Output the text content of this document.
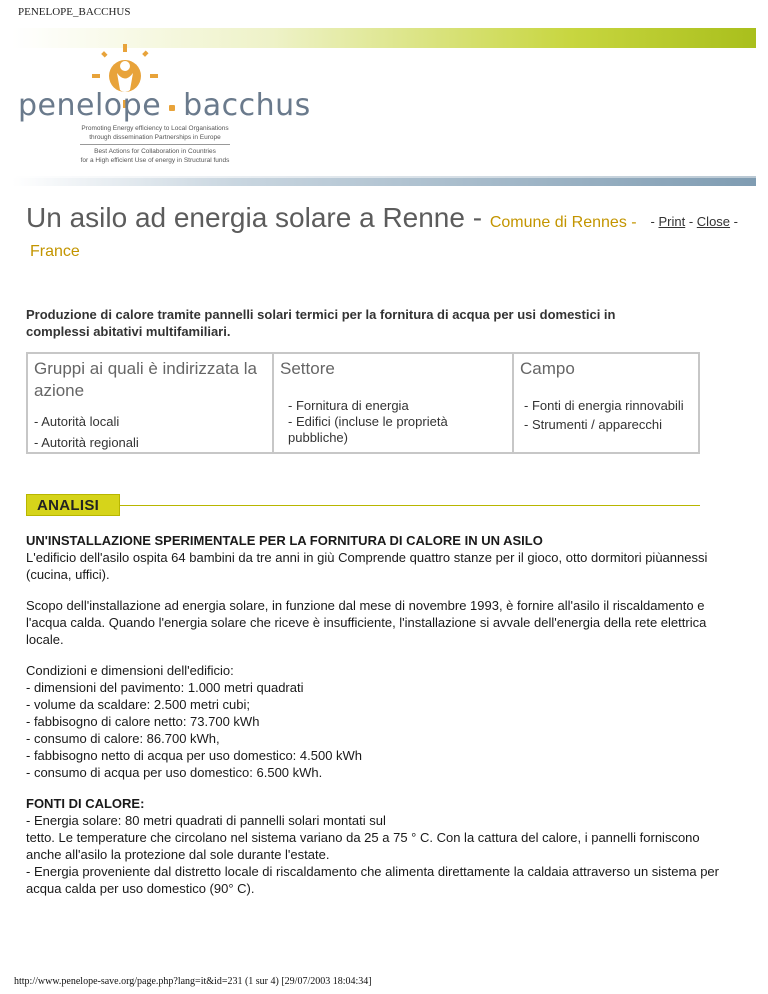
PENELOPE_BACCHUS
penelope bacchus
Promoting Energy efficiency to Local Organisations
through dissemination Partnerships in Europe
Best Actions for Collaboration in Countries
for a High efficient Use of energy in Structural funds
- Print - Close -
Un asilo ad energia solare a Renne - Comune di Rennes -
France
Produzione di calore tramite pannelli solari termici per la fornitura di acqua per usi domestici in complessi abitativi multifamiliari.
Gruppi ai quali è indirizzata la azione
- Autorità locali
- Autorità regionali
Settore
- Fornitura di energia
- Edifici (incluse le proprietà pubbliche)
Campo
- Fonti di energia rinnovabili
- Strumenti / apparecchi
ANALISI
UN'INSTALLAZIONE SPERIMENTALE PER LA FORNITURA DI CALORE IN UN ASILO

L'edificio dell'asilo ospita 64 bambini da tre anni in giù Comprende quattro stanze per il gioco, otto dormitori piùannessi (cucina, uffici).

Scopo dell'installazione ad energia solare, in funzione dal mese di novembre 1993, è fornire all'asilo il riscaldamento e l'acqua calda. Quando l'energia solare che riceve è insufficiente, l'installazione si avvale dell'energia della rete elettrica locale.

Condizioni e dimensioni dell'edificio:
- dimensioni del pavimento: 1.000 metri quadrati
- volume da scaldare: 2.500 metri cubi;
- fabbisogno di calore netto: 73.700 kWh
- consumo di calore: 86.700 kWh,
- fabbisogno netto di acqua per uso domestico: 4.500 kWh
- consumo di acqua per uso domestico: 6.500 kWh.

FONTI DI CALORE:
- Energia solare: 80 metri quadrati di pannelli solari montati sul
tetto. Le temperature che circolano nel sistema variano da 25 a 75 ° C. Con la cattura del calore, i pannelli forniscono anche all'asilo la protezione dal sole durante l'estate.
- Energia proveniente dal distretto locale di riscaldamento che alimenta direttamente la caldaia attraverso un sistema per acqua calda per uso domestico (90° C).
http://www.penelope-save.org/page.php?lang=it&id=231 (1 sur 4) [29/07/2003 18:04:34]
